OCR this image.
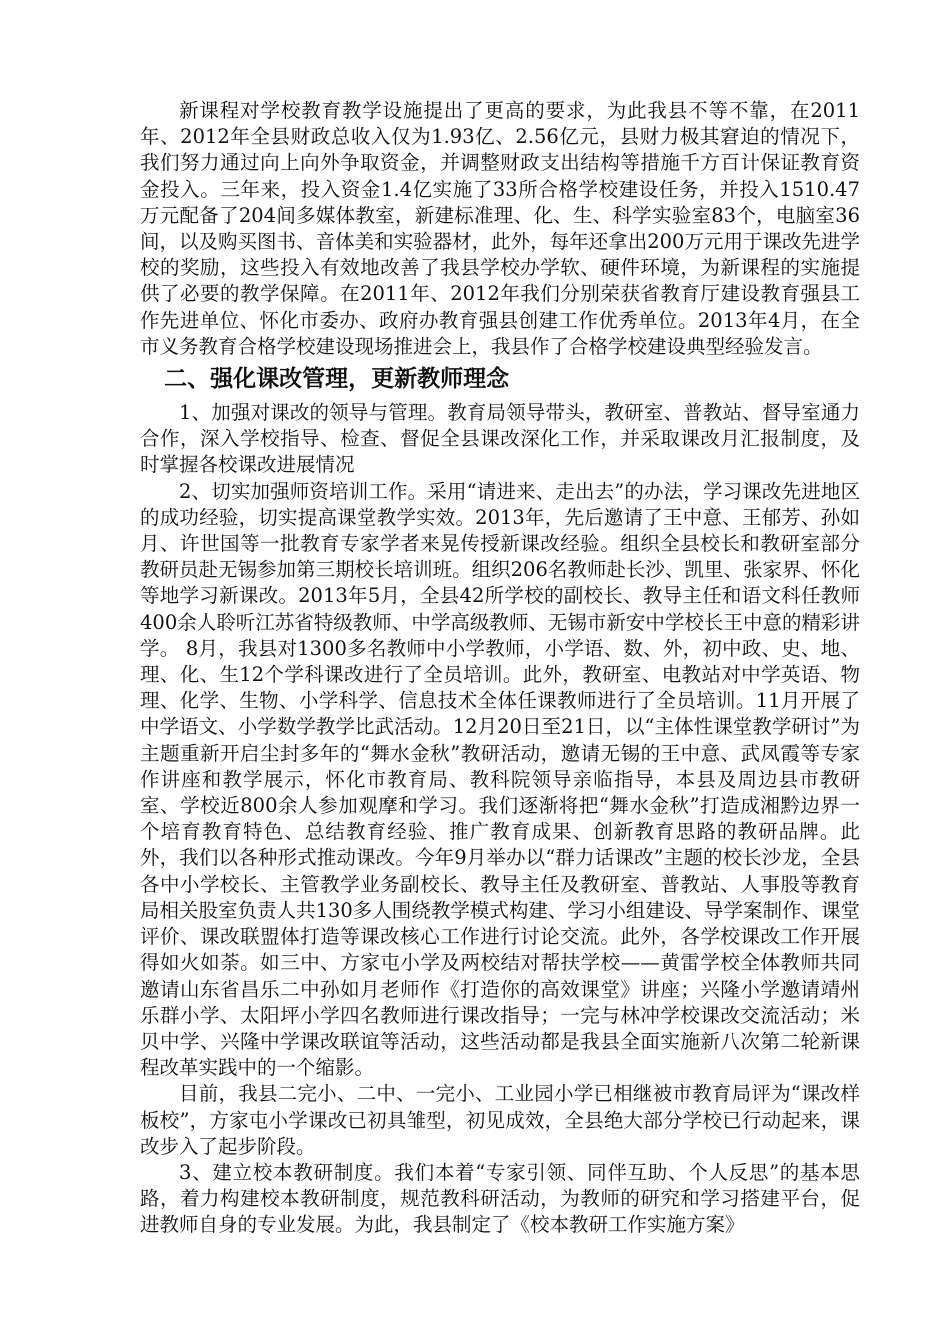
新课程对学校教育教学设施提出了更高的要求，为此我县不等不靠，在2011年、2012年全县财政总收入仅为1.93亿、2.56亿元，县财力极其窘迫的情况下，我们努力通过向上向外争取资金，并调整财政支出结构等措施千方百计保证教育资金投入。三年来，投入资金1.4亿实施了33所合格学校建设任务，并投入1510.47万元配备了204间多媒体教室，新建标准理、化、生、科学实验室83个，电脑室36间，以及购买图书、音体美和实验器材，此外，每年还拿出200万元用于课改先进学校的奖励，这些投入有效地改善了我县学校办学软、硬件环境，为新课程的实施提供了必要的教学保障。在2011年、2012年我们分别荣获省教育厅建设教育强县工作先进单位、怀化市委办、政府办教育强县创建工作优秀单位。2013年4月，在全市义务教育合格学校建设现场推进会上，我县作了合格学校建设典型经验发言。

二、强化课改管理，更新教师理念

1、加强对课改的领导与管理。教育局领导带头，教研室、普教站、督导室通力合作，深入学校指导、检查、督促全县课改深化工作，并采取课改月汇报制度，及时掌握各校课改进展情况

2、切实加强师资培训工作。采用“请进来、走出去”的办法，学习课改先进地区的成功经验，切实提高课堂教学实效。2013年，先后邀请了王中意、王郁芳、孙如月、许世国等一批教育专家学者来晃传授新课改经验。组织全县校长和教研室部分教研员赴无锡参加第三期校长培训班。组织206名教师赴长沙、凯里、张家界、怀化等地学习新课改。2013年5月，全县42所学校的副校长、教导主任和语文科任教师400余人聆听江苏省特级教师、中学高级教师、无锡市新安中学校长王中意的精彩讲学。 8月，我县对1300多名教师中小学教师，小学语、数、外，初中政、史、地、理、化、生12个学科课改进行了全员培训。此外，教研室、电教站对中学英语、物理、化学、生物、小学科学、信息技术全体任课教师进行了全员培训。11月开展了中学语文、小学数学教学比武活动。12月20日至21日，以“主体性课堂教学研讨”为主题重新开启尘封多年的“舞水金秋”教研活动，邀请无锡的王中意、武凤霞等专家作讲座和教学展示，怀化市教育局、教科院领导亲临指导，本县及周边县市教研室、学校近800余人参加观摩和学习。我们逐渐将把“舞水金秋”打造成湘黔边界一个培育教育特色、总结教育经验、推广教育成果、创新教育思路的教研品牌。此外，我们以各种形式推动课改。今年9月举办以“群力话课改”主题的校长沙龙，全县各中小学校长、主管教学业务副校长、教导主任及教研室、普教站、人事股等教育局相关股室负责人共130多人围绕教学模式构建、学习小组建设、导学案制作、课堂评价、课改联盟体打造等课改核心工作进行讨论交流。此外，各学校课改工作开展得如火如荼。如三中、方家屯小学及两校结对帮扶学校——黄雷学校全体教师共同邀请山东省昌乐二中孙如月老师作《打造你的高效课堂》讲座；兴隆小学邀请靖州乐群小学、太阳坪小学四名教师进行课改指导；一完与林冲学校课改交流活动；米贝中学、兴隆中学课改联谊等活动，这些活动都是我县全面实施新八次第二轮新课程改革实践中的一个缩影。

目前，我县二完小、二中、一完小、工业园小学已相继被市教育局评为“课改样板校”，方家屯小学课改已初具雏型，初见成效，全县绝大部分学校已行动起来，课改步入了起步阶段。

3、建立校本教研制度。我们本着“专家引领、同伴互助、个人反思”的基本思路，着力构建校本教研制度，规范教科研活动，为教师的研究和学习搭建平台，促进教师自身的专业发展。为此，我县制定了《校本教研工作实施方案》
